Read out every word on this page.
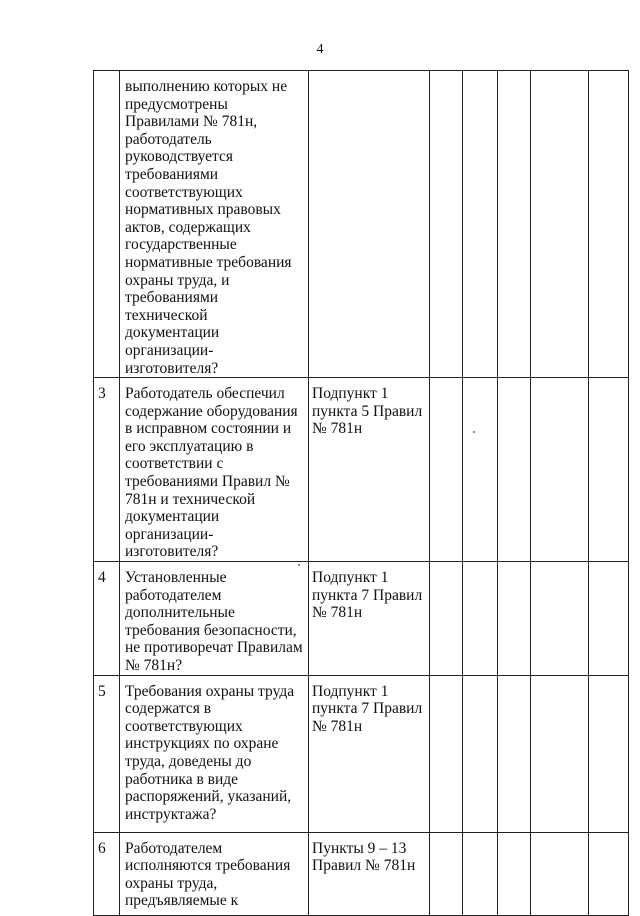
4
	выполнению которых не предусмотрены Правилами № 781н, работодатель руководствуется требованиями соответствующих нормативных правовых актов, содержащих государственные нормативные требования охраны труда, и требованиями технической документации организации-изготовителя?						
3	Работодатель обеспечил содержание оборудования в исправном состоянии и его эксплуатацию в соответствии с требованиями Правил № 781н и технической документации организации-изготовителя?	Подпункт 1 пункта 5 Правил № 781н					
4	Установленные работодателем дополнительные требования безопасности, не противоречат Правилам № 781н?	Подпункт 1 пункта 7 Правил № 781н					
5	Требования охраны труда содержатся в соответствующих инструкциях по охране труда, доведены до работника в виде распоряжений, указаний, инструктажа?	Подпункт 1 пункта 7 Правил № 781н					
6	Работодателем исполняются требования охраны труда, предъявляемые к	Пункты 9 – 13 Правил № 781н					
